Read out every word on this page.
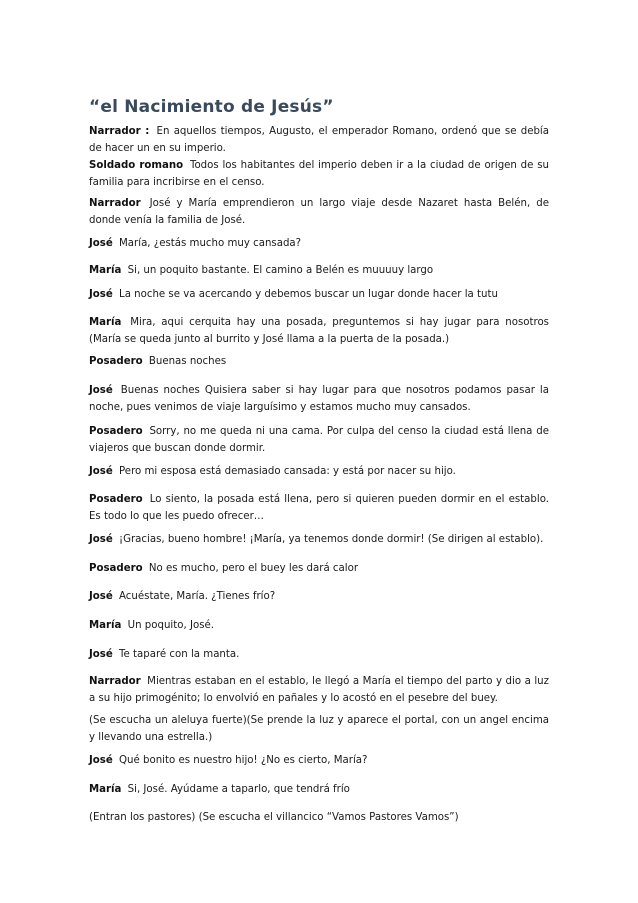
“el Nacimiento de Jesús”

Narrador : En aquellos tiempos, Augusto, el emperador Romano, ordenó que se debía de hacer un en su imperio.

Soldado romano Todos los habitantes del imperio deben ir a la ciudad de origen de su familia para incribirse en el censo.

Narrador José y María emprendieron un largo viaje desde Nazaret hasta Belén, de donde venía la familia de José.

José María, ¿estás mucho muy cansada?

María Si, un poquito bastante. El camino a Belén es muuuuy largo

José La noche se va acercando y debemos buscar un lugar donde hacer la tutu

María Mira, aqui cerquita hay una posada, preguntemos si hay jugar para nosotros (María se queda junto al burrito y José llama a la puerta de la posada.)

Posadero Buenas noches

José Buenas noches Quisiera saber si hay lugar para que nosotros podamos pasar la noche, pues venimos de viaje larguísimo y estamos mucho muy cansados.

Posadero Sorry, no me queda ni una cama. Por culpa del censo la ciudad está llena de viajeros que buscan donde dormir.

José Pero mi esposa está demasiado cansada: y está por nacer su hijo.

Posadero Lo siento, la posada está llena, pero si quieren pueden dormir en el establo. Es todo lo que les puedo ofrecer…

José ¡Gracias, bueno hombre! ¡María, ya tenemos donde dormir! (Se dirigen al establo).

Posadero No es mucho, pero el buey les dará calor

José Acuéstate, María. ¿Tienes frío?

María Un poquito, José.

José Te taparé con la manta.

Narrador Mientras estaban en el establo, le llegó a María el tiempo del parto y dio a luz a su hijo primogénito; lo envolvió en pañales y lo acostó en el pesebre del buey.

(Se escucha un aleluya fuerte)(Se prende la luz y aparece el portal, con un angel encima y llevando una estrella.)

José Qué bonito es nuestro hijo! ¿No es cierto, María?

María Si, José. Ayúdame a taparlo, que tendrá frío

(Entran los pastores) (Se escucha el villancico “Vamos Pastores Vamos”)
